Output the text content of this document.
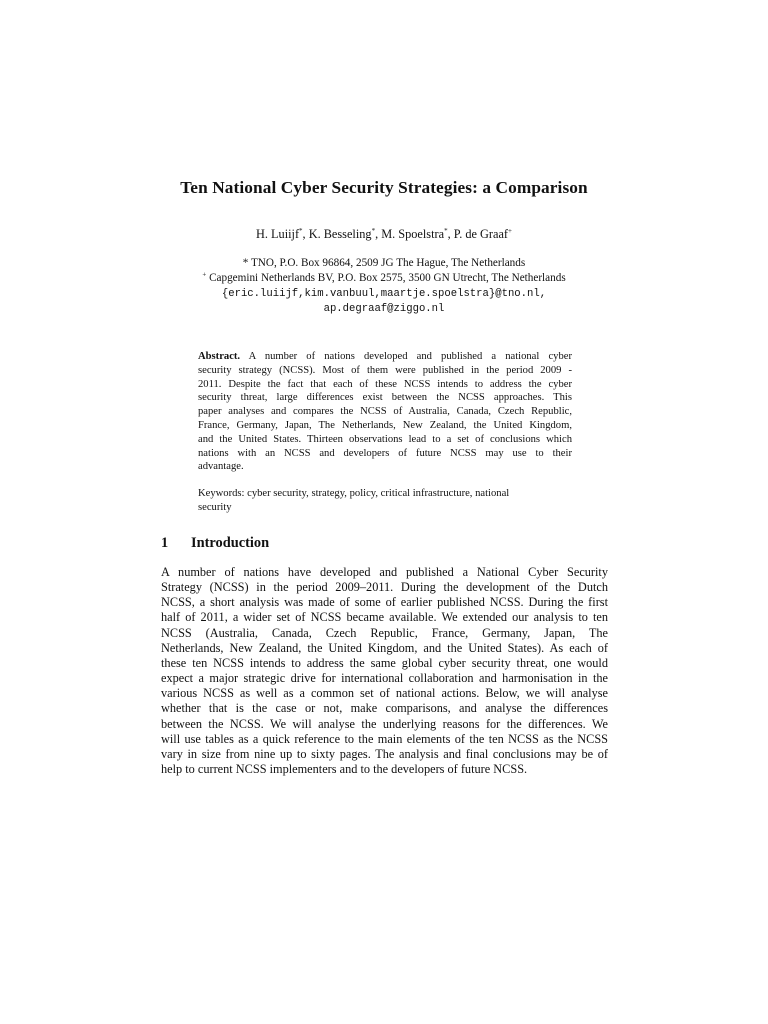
Ten National Cyber Security Strategies: a Comparison
H. Luiijf*, K. Besseling*, M. Spoelstra*, P. de Graaf+
* TNO, P.O. Box 96864, 2509 JG The Hague, The Netherlands
+ Capgemini Netherlands BV, P.O. Box 2575, 3500 GN Utrecht, The Netherlands
{eric.luiijf,kim.vanbuul,maartje.spoelstra}@tno.nl,
ap.degraaf@ziggo.nl
Abstract. A number of nations developed and published a national cyber
security strategy (NCSS). Most of them were published in the period 2009 -
2011. Despite the fact that each of these NCSS intends to address the cyber
security threat, large differences exist between the NCSS approaches. This
paper analyses and compares the NCSS of Australia, Canada, Czech Republic,
France, Germany, Japan, The Netherlands, New Zealand, the United Kingdom,
and the United States. Thirteen observations lead to a set of conclusions which
nations with an NCSS and developers of future NCSS may use to their
advantage.
Keywords: cyber security, strategy, policy, critical infrastructure, national
security
1 Introduction
A number of nations have developed and published a National Cyber Security
Strategy (NCSS) in the period 2009–2011. During the development of the Dutch
NCSS, a short analysis was made of some of earlier published NCSS. During the first
half of 2011, a wider set of NCSS became available. We extended our analysis to ten
NCSS (Australia, Canada, Czech Republic, France, Germany, Japan, The
Netherlands, New Zealand, the United Kingdom, and the United States). As each of
these ten NCSS intends to address the same global cyber security threat, one would
expect a major strategic drive for international collaboration and harmonisation in the
various NCSS as well as a common set of national actions. Below, we will analyse
whether that is the case or not, make comparisons, and analyse the differences
between the NCSS. We will analyse the underlying reasons for the differences. We
will use tables as a quick reference to the main elements of the ten NCSS as the NCSS
vary in size from nine up to sixty pages. The analysis and final conclusions may be of
help to current NCSS implementers and to the developers of future NCSS.
